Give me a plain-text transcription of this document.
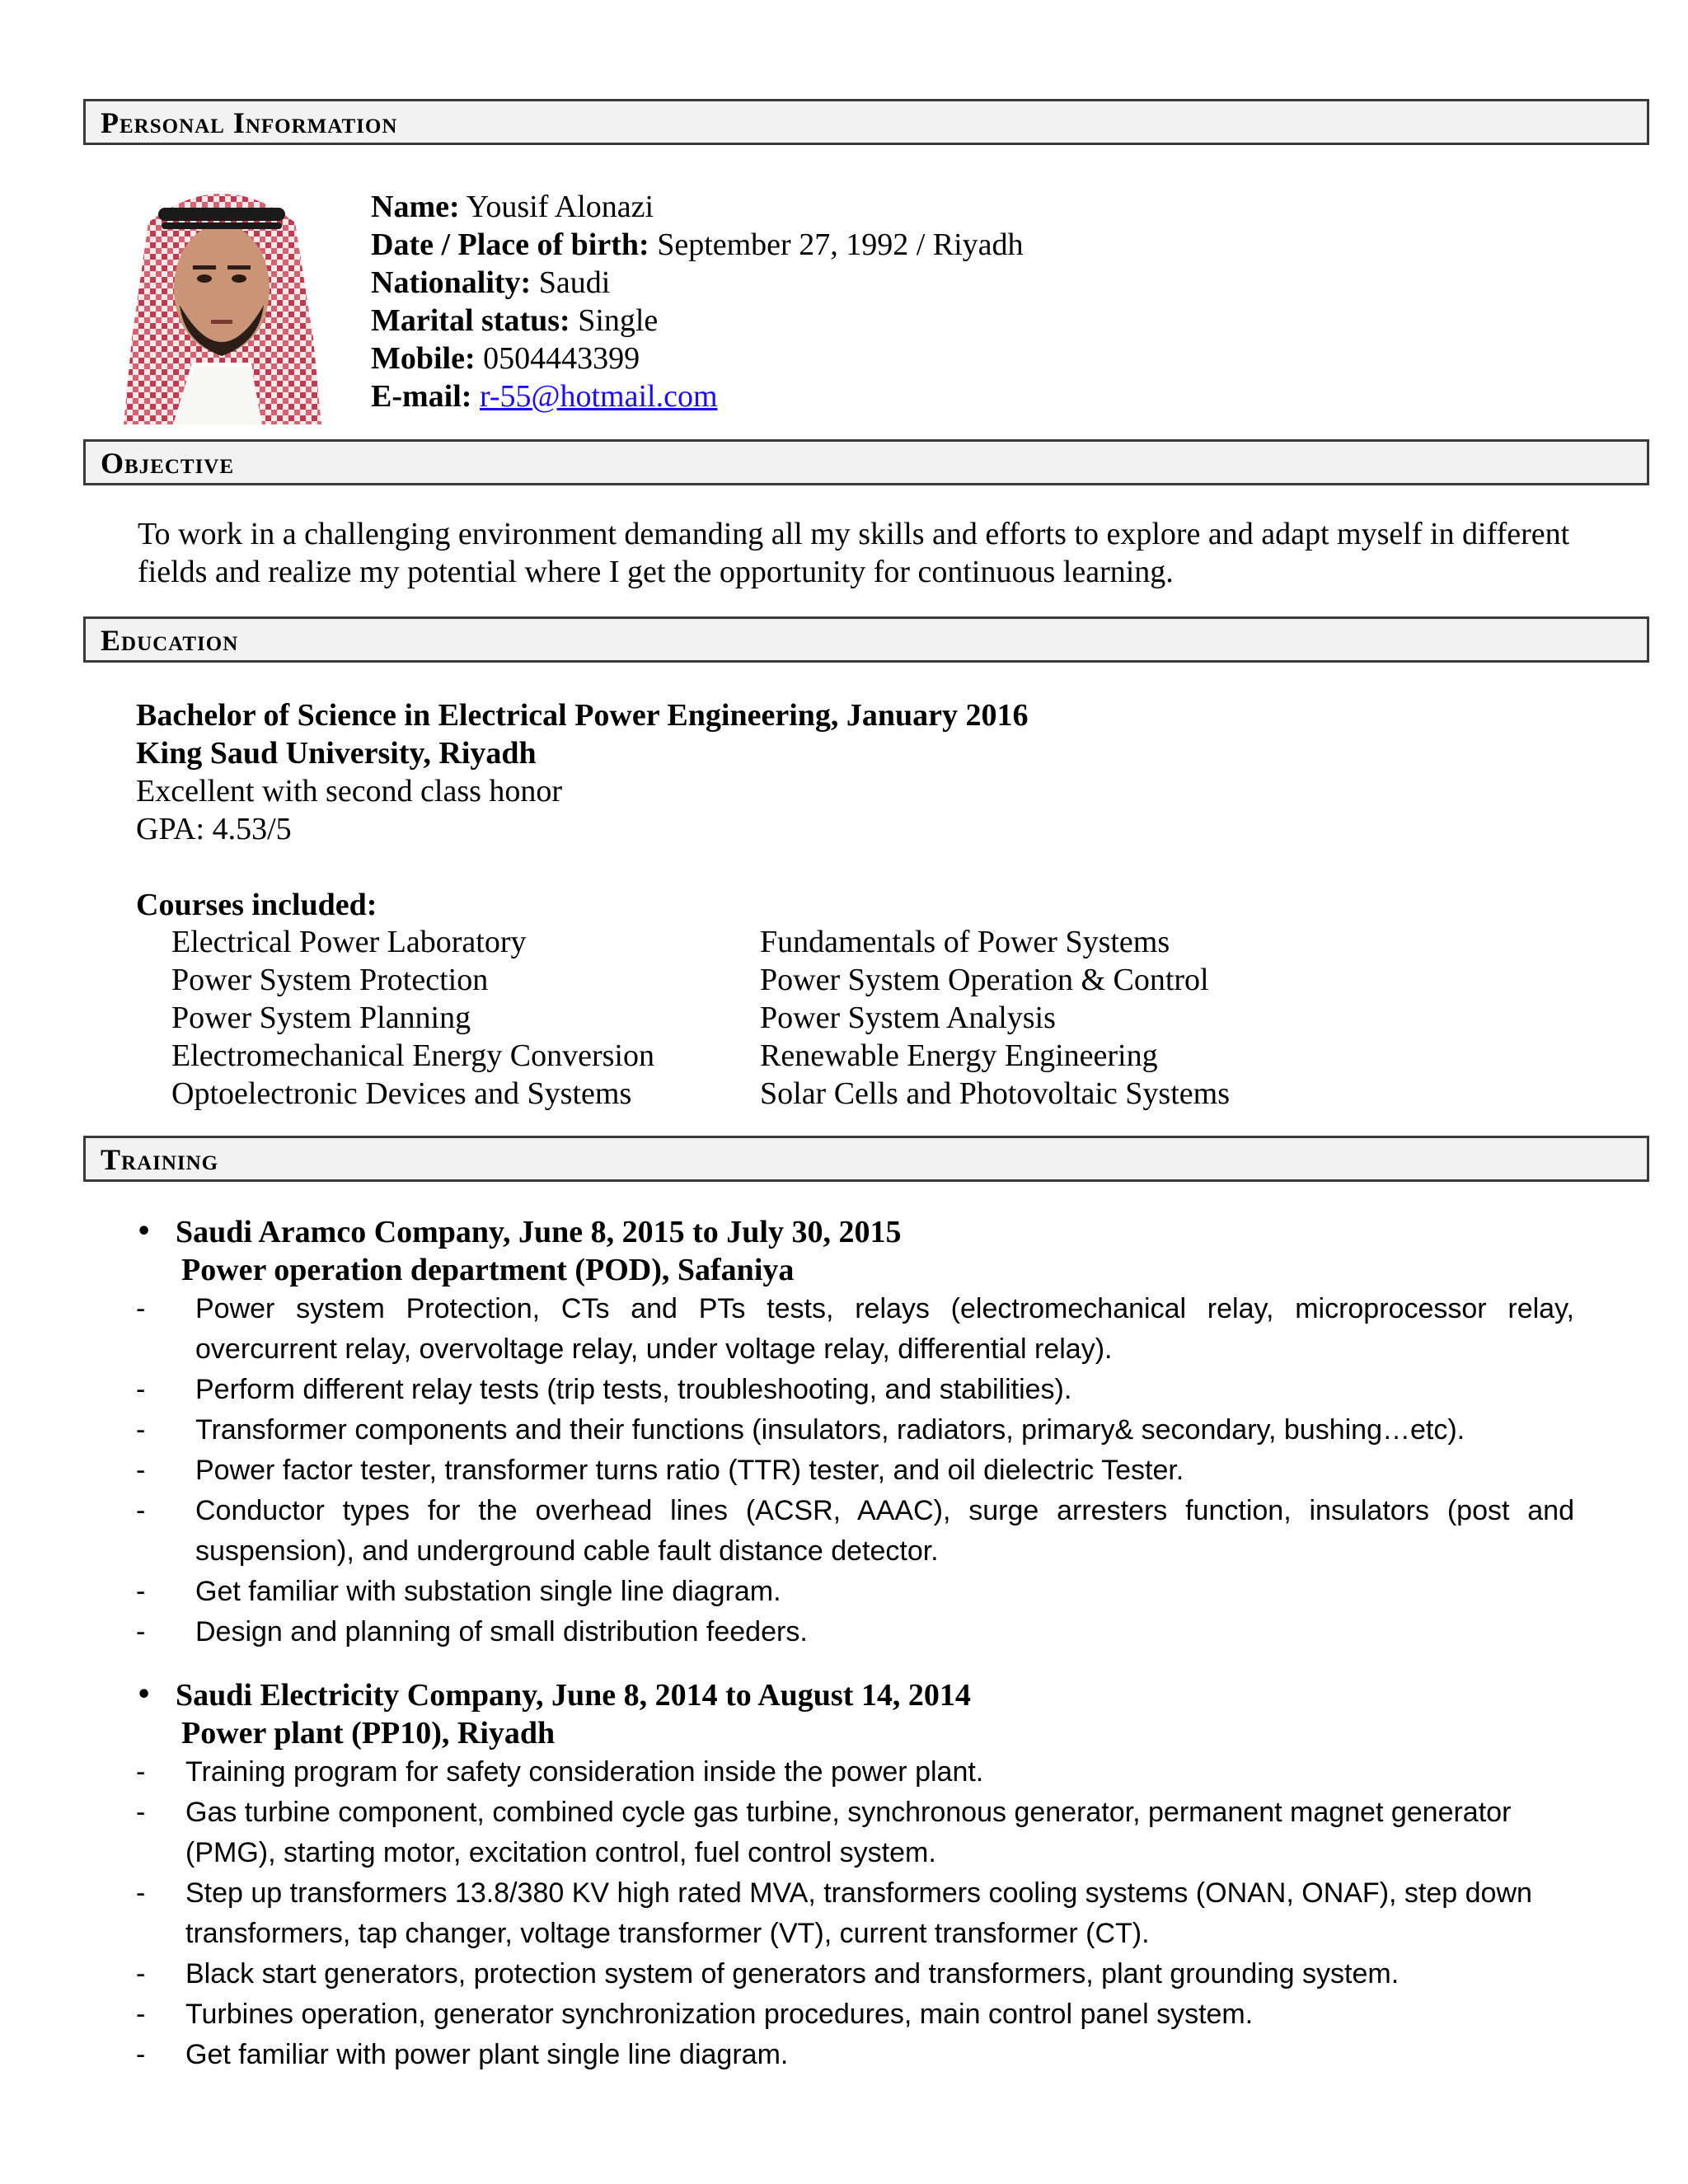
Personal Information
Name: Yousif Alonazi
Date / Place of birth: September 27, 1992 / Riyadh
Nationality: Saudi
Marital status: Single
Mobile: 0504443399
E-mail: r-55@hotmail.com
Objective
To work in a challenging environment demanding all my skills and efforts to explore and adapt myself in different fields and realize my potential where I get the opportunity for continuous learning.
Education
Bachelor of Science in Electrical Power Engineering, January 2016
King Saud University, Riyadh
Excellent with second class honor
GPA: 4.53/5
Courses included:
Electrical Power Laboratory
Power System Protection
Power System Planning
Electromechanical Energy Conversion
Optoelectronic Devices and Systems
Fundamentals of Power Systems
Power System Operation & Control
Power System Analysis
Renewable Energy Engineering
Solar Cells and Photovoltaic Systems
Training
• Saudi Aramco Company, June 8, 2015 to July 30, 2015
Power operation department (POD), Safaniya
- Power system Protection, CTs and PTs tests, relays (electromechanical relay, microprocessor relay, overcurrent relay, overvoltage relay, under voltage relay, differential relay).
- Perform different relay tests (trip tests, troubleshooting, and stabilities).
- Transformer components and their functions (insulators, radiators, primary& secondary, bushing…etc).
- Power factor tester, transformer turns ratio (TTR) tester, and oil dielectric Tester.
- Conductor types for the overhead lines (ACSR, AAAC), surge arresters function, insulators (post and suspension), and underground cable fault distance detector.
- Get familiar with substation single line diagram.
- Design and planning of small distribution feeders.
• Saudi Electricity Company, June 8, 2014 to August 14, 2014
Power plant (PP10), Riyadh
- Training program for safety consideration inside the power plant.
- Gas turbine component, combined cycle gas turbine, synchronous generator, permanent magnet generator (PMG), starting motor, excitation control, fuel control system.
- Step up transformers 13.8/380 KV high rated MVA, transformers cooling systems (ONAN, ONAF), step down transformers, tap changer, voltage transformer (VT), current transformer (CT).
- Black start generators, protection system of generators and transformers, plant grounding system.
- Turbines operation, generator synchronization procedures, main control panel system.
- Get familiar with power plant single line diagram.
